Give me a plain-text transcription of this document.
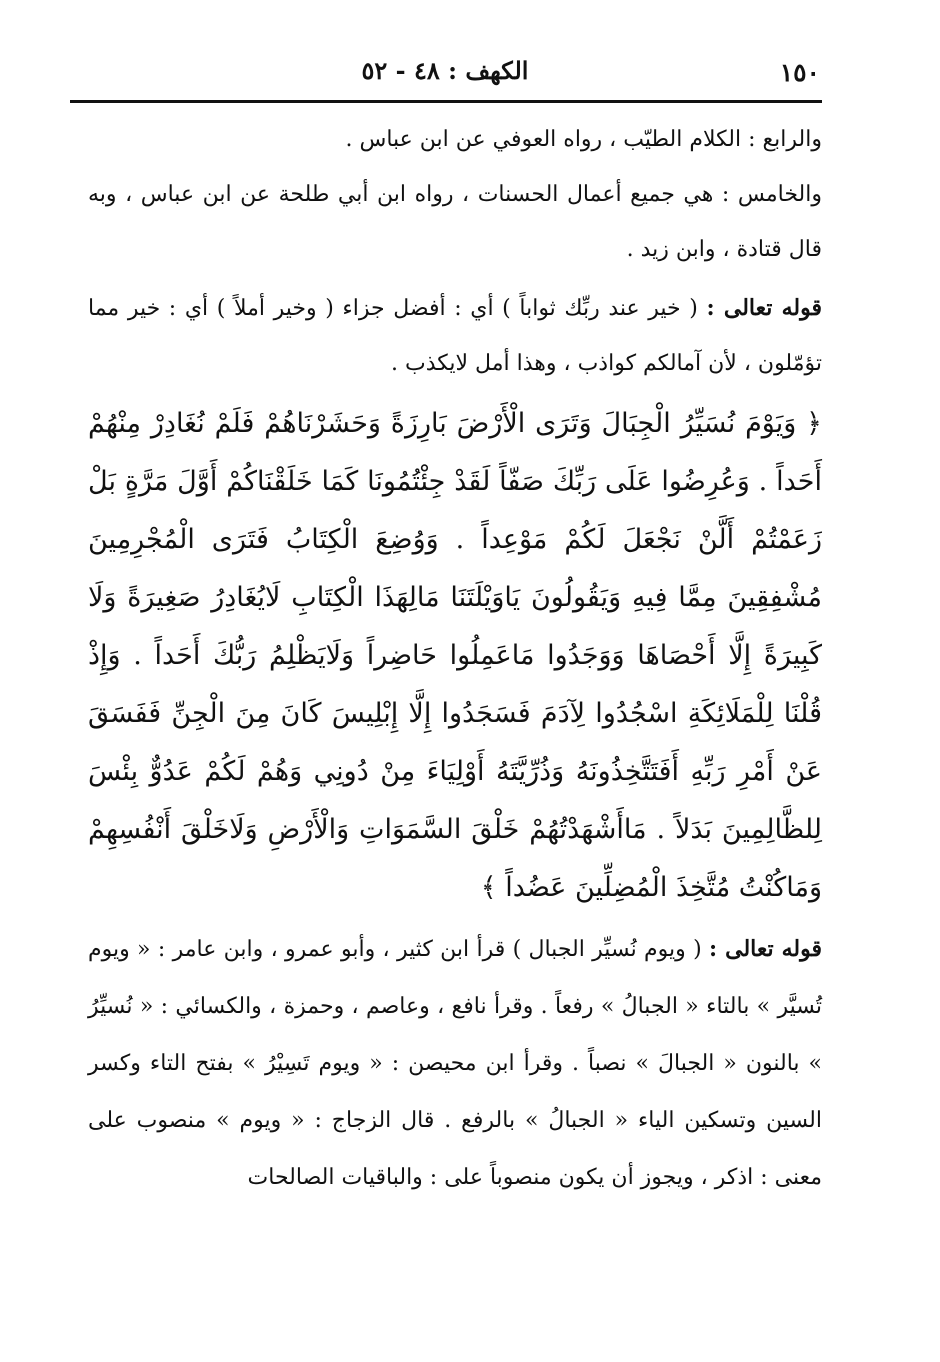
١٥٠
الكهف : ٤٨ - ٥٢

والرابع : الكلام الطيّب ، رواه العوفي عن ابن عباس .

والخامس : هي جميع أعمال الحسنات ، رواه ابن أبي طلحة عن ابن عباس ، وبه قال قتادة ، وابن زيد .

قوله تعالى : ( خير عند ربِّك ثواباً ) أي : أفضل جزاء ( وخير أملاً ) أي : خير مما تؤمّلون ، لأن آمالكم كواذب ، وهذا أمل لايكذب .

﴿ وَيَوْمَ نُسَيِّرُ الْجِبَالَ وَتَرَى الْأَرْضَ بَارِزَةً وَحَشَرْنَاهُمْ فَلَمْ نُغَادِرْ مِنْهُمْ أَحَداً . وَعُرِضُوا عَلَى رَبِّكَ صَفّاً لَقَدْ جِئْتُمُونَا كَمَا خَلَقْنَاكُمْ أَوَّلَ مَرَّةٍ بَلْ زَعَمْتُمْ أَلَّنْ نَجْعَلَ لَكُمْ مَوْعِداً . وَوُضِعَ الْكِتَابُ فَتَرَى الْمُجْرِمِينَ مُشْفِقِينَ مِمَّا فِيهِ وَيَقُولُونَ يَاوَيْلَتَنَا مَالِهَذَا الْكِتَابِ لَايُغَادِرُ صَغِيرَةً وَلَا كَبِيرَةً إِلَّا أَحْصَاهَا وَوَجَدُوا مَاعَمِلُوا حَاضِراً وَلَايَظْلِمُ رَبُّكَ أَحَداً . وَإِذْ قُلْنَا لِلْمَلَائِكَةِ اسْجُدُوا لِآدَمَ فَسَجَدُوا إِلَّا إِبْلِيسَ كَانَ مِنَ الْجِنِّ فَفَسَقَ عَنْ أَمْرِ رَبِّهِ أَفَتَتَّخِذُونَهُ وَذُرِّيَّتَهُ أَوْلِيَاءَ مِنْ دُونِي وَهُمْ لَكُمْ عَدُوٌّ بِئْسَ لِلظَّالِمِينَ بَدَلاً . مَاأَشْهَدْتُهُمْ خَلْقَ السَّمَوَاتِ وَالْأَرْضِ وَلَاخَلْقَ أَنْفُسِهِمْ وَمَاكُنْتُ مُتَّخِذَ الْمُضِلِّينَ عَضُداً ﴾

قوله تعالى : ( ويوم نُسيِّر الجبال ) قرأ ابن كثير ، وأبو عمرو ، وابن عامر : « ويوم تُسيَّر » بالتاء « الجبالُ » رفعاً . وقرأ نافع ، وعاصم ، وحمزة ، والكسائي : « نُسيِّرُ » بالنون « الجبالَ » نصباً . وقرأ ابن محيصن : « ويوم تَسِيْرُ » بفتح التاء وكسر السين وتسكين الياء « الجبالُ » بالرفع . قال الزجاج : « ويوم » منصوب على معنى : اذكر ، ويجوز أن يكون منصوباً على : والباقيات الصالحات
